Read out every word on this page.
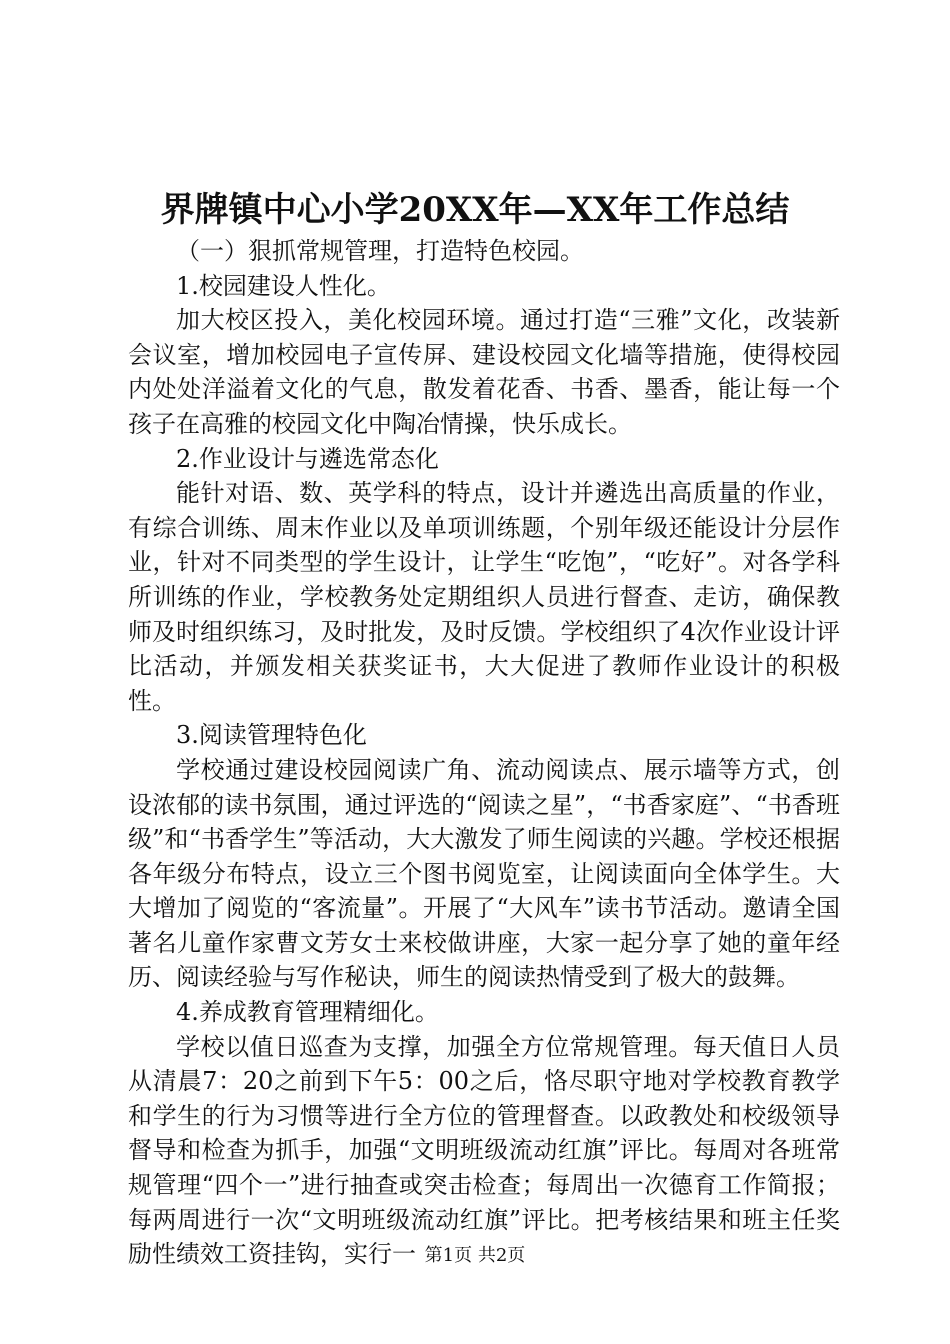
界牌镇中心小学20XX年—XX年工作总结

（一）狠抓常规管理，打造特色校园。

1.校园建设人性化。

加大校区投入，美化校园环境。通过打造“三雅”文化，改装新会议室，增加校园电子宣传屏、建设校园文化墙等措施，使得校园内处处洋溢着文化的气息，散发着花香、书香、墨香，能让每一个孩子在高雅的校园文化中陶冶情操，快乐成长。

2.作业设计与遴选常态化

能针对语、数、英学科的特点，设计并遴选出高质量的作业，有综合训练、周末作业以及单项训练题，个别年级还能设计分层作业，针对不同类型的学生设计，让学生“吃饱”，“吃好”。对各学科所训练的作业，学校教务处定期组织人员进行督查、走访，确保教师及时组织练习，及时批发，及时反馈。学校组织了4次作业设计评比活动，并颁发相关获奖证书，大大促进了教师作业设计的积极性。

3.阅读管理特色化

学校通过建设校园阅读广角、流动阅读点、展示墙等方式，创设浓郁的读书氛围，通过评选的“阅读之星”，“书香家庭”、“书香班级”和“书香学生”等活动，大大激发了师生阅读的兴趣。学校还根据各年级分布特点，设立三个图书阅览室，让阅读面向全体学生。大大增加了阅览的“客流量”。开展了“大风车”读书节活动。邀请全国著名儿童作家曹文芳女士来校做讲座，大家一起分享了她的童年经历、阅读经验与写作秘诀，师生的阅读热情受到了极大的鼓舞。

4.养成教育管理精细化。

学校以值日巡查为支撑，加强全方位常规管理。每天值日人员从清晨7：20之前到下午5：00之后，恪尽职守地对学校教育教学和学生的行为习惯等进行全方位的管理督查。以政教处和校级领导督导和检查为抓手，加强“文明班级流动红旗”评比。每周对各班常规管理“四个一”进行抽查或突击检查；每周出一次德育工作简报；每两周进行一次“文明班级流动红旗”评比。把考核结果和班主任奖励性绩效工资挂钩，实行一 第1页 共2页
